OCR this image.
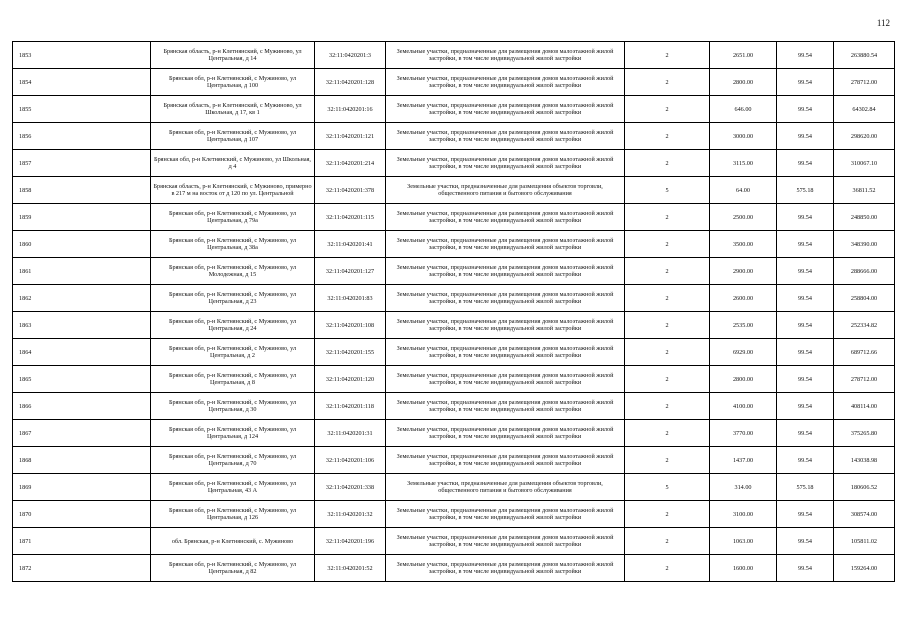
112
1853	Брянская область, р-н Клетнянский, с Мужиново, ул Центральная, д 14	32:11:0420201:3	Земельные участки, предназначенные для размещения домов малоэтажной жилой застройки, в том числе индивидуальной жилой застройки	2	2651.00	99.54	263880.54
1854	Брянская обл, р-н Клетнянский, с Мужиново, ул Центральная, д 100	32:11:0420201:128	Земельные участки, предназначенные для размещения домов малоэтажной жилой застройки, в том числе индивидуальной жилой застройки	2	2800.00	99.54	278712.00
1855	Брянская область, р-н Клетнянский, с Мужиново, ул Школьная, д 17, кв 1	32:11:0420201:16	Земельные участки, предназначенные для размещения домов малоэтажной жилой застройки, в том числе индивидуальной жилой застройки	2	646.00	99.54	64302.84
1856	Брянская обл, р-н Клетнянский, с Мужиново, ул Центральная, д 107	32:11:0420201:121	Земельные участки, предназначенные для размещения домов малоэтажной жилой застройки, в том числе индивидуальной жилой застройки	2	3000.00	99.54	298620.00
1857	Брянская обл, р-н Клетнянский, с Мужиново, ул Школьная, д 4	32:11:0420201:214	Земельные участки, предназначенные для размещения домов малоэтажной жилой застройки, в том числе индивидуальной жилой застройки	2	3115.00	99.54	310067.10
1858	Брянская область, р-н Клетнянский, с Мужиново, примерно в 217 м на восток от д 120 по ул. Центральной	32:11:0420201:378	Земельные участки, предназначенные для размещения объектов торговли, общественного питания и бытового обслуживания	5	64.00	575.18	36811.52
1859	Брянская обл, р-н Клетнянский, с Мужиново, ул Центральная, д 79а	32:11:0420201:115	Земельные участки, предназначенные для размещения домов малоэтажной жилой застройки, в том числе индивидуальной жилой застройки	2	2500.00	99.54	248850.00
1860	Брянская обл, р-н Клетнянский, с Мужиново, ул Центральная, д 38а	32:11:0420201:41	Земельные участки, предназначенные для размещения домов малоэтажной жилой застройки, в том числе индивидуальной жилой застройки	2	3500.00	99.54	348390.00
1861	Брянская обл, р-н Клетнянский, с Мужиново, ул Молодежная, д 15	32:11:0420201:127	Земельные участки, предназначенные для размещения домов малоэтажной жилой застройки, в том числе индивидуальной жилой застройки	2	2900.00	99.54	288666.00
1862	Брянская обл, р-н Клетнянский, с Мужиново, ул Центральная, д 23	32:11:0420201:83	Земельные участки, предназначенные для размещения домов малоэтажной жилой застройки, в том числе индивидуальной жилой застройки	2	2600.00	99.54	258804.00
1863	Брянская обл, р-н Клетнянский, с Мужиново, ул Центральная, д 24	32:11:0420201:108	Земельные участки, предназначенные для размещения домов малоэтажной жилой застройки, в том числе индивидуальной жилой застройки	2	2535.00	99.54	252334.82
1864	Брянская обл, р-н Клетнянский, с Мужиново, ул Центральная, д 2	32:11:0420201:155	Земельные участки, предназначенные для размещения домов малоэтажной жилой застройки, в том числе индивидуальной жилой застройки	2	6929.00	99.54	689712.66
1865	Брянская обл, р-н Клетнянский, с Мужиново, ул Центральная, д 8	32:11:0420201:120	Земельные участки, предназначенные для размещения домов малоэтажной жилой застройки, в том числе индивидуальной жилой застройки	2	2800.00	99.54	278712.00
1866	Брянская обл, р-н Клетнянский, с Мужиново, ул Центральная, д 30	32:11:0420201:118	Земельные участки, предназначенные для размещения домов малоэтажной жилой застройки, в том числе индивидуальной жилой застройки	2	4100.00	99.54	408114.00
1867	Брянская обл, р-н Клетнянский, с Мужиново, ул Центральная, д 124	32:11:0420201:31	Земельные участки, предназначенные для размещения домов малоэтажной жилой застройки, в том числе индивидуальной жилой застройки	2	3770.00	99.54	375265.80
1868	Брянская обл, р-н Клетнянский, с Мужиново, ул Центральная, д 70	32:11:0420201:106	Земельные участки, предназначенные для размещения домов малоэтажной жилой застройки, в том числе индивидуальной жилой застройки	2	1437.00	99.54	143038.98
1869	Брянская обл, р-н Клетнянский, с Мужиново, ул Центральная, 43 А	32:11:0420201:338	Земельные участки, предназначенные для размещения объектов торговли, общественного питания и бытового обслуживания	5	314.00	575.18	180606.52
1870	Брянская обл, р-н Клетнянский, с Мужиново, ул Центральная, д 126	32:11:0420201:32	Земельные участки, предназначенные для размещения домов малоэтажной жилой застройки, в том числе индивидуальной жилой застройки	2	3100.00	99.54	308574.00
1871	обл. Брянская, р-н Клетнянский, с. Мужиново	32:11:0420201:196	Земельные участки, предназначенные для размещения домов малоэтажной жилой застройки, в том числе индивидуальной жилой застройки	2	1063.00	99.54	105811.02
1872	Брянская обл, р-н Клетнянский, с Мужиново, ул Центральная, д 82	32:11:0420201:52	Земельные участки, предназначенные для размещения домов малоэтажной жилой застройки, в том числе индивидуальной жилой застройки	2	1600.00	99.54	159264.00
